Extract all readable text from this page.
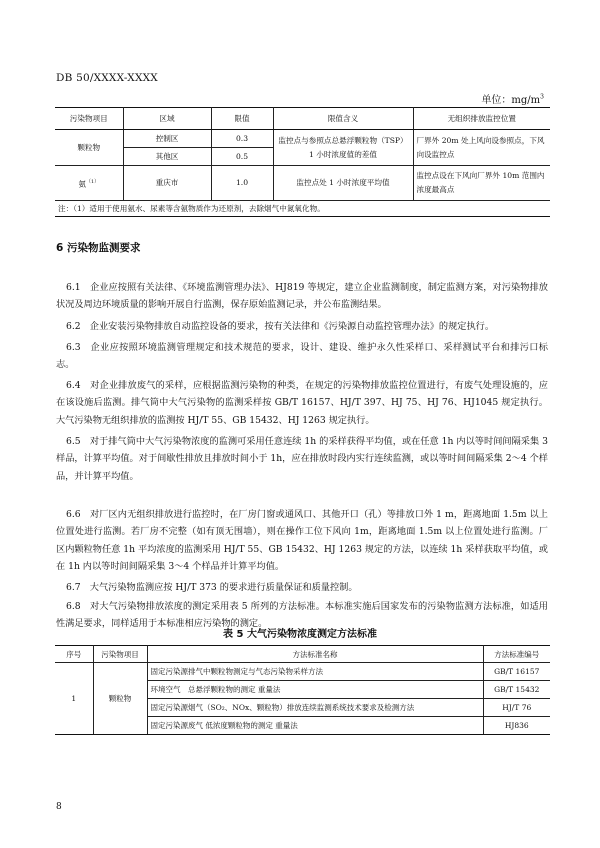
DB 50/XXXX-XXXX
单位：$mg/m^3$
污染物项目	区域	限值	限值含义	无组织排放监控位置
颗粒物	控制区	0.3	监控点与参照点总悬浮颗粒物（TSP）1 小时浓度值的差值	厂界外 20m 处上风向设参照点，下风向设监控点
	其他区	0.5		
氨$^{(1)}$	重庆市	1.0	监控点处 1 小时浓度平均值	监控点设在下风向厂界外 10m 范围内浓度最高点
注：（1）适用于使用氨水、尿素等含氨物质作为还原剂，去除烟气中氮氧化物。				
6 污染物监测要求

6.1　企业应按照有关法律、《环境监测管理办法》、HJ819 等规定，建立企业监测制度，制定监测方案，对污染物排放状况及周边环境质量的影响开展自行监测，保存原始监测记录，并公布监测结果。

6.2　企业安装污染物排放自动监控设备的要求，按有关法律和《污染源自动监控管理办法》的规定执行。

6.3　企业应按照环境监测管理规定和技术规范的要求，设计、建设、维护永久性采样口、采样测试平台和排污口标志。

6.4　对企业排放废气的采样，应根据监测污染物的种类，在规定的污染物排放监控位置进行，有废气处理设施的，应在该设施后监测。排气筒中大气污染物的监测采样按 GB/T 16157、HJ/T 397、HJ 75、HJ 76、HJ1045 规定执行。大气污染物无组织排放的监测按 HJ/T 55、GB 15432、HJ 1263 规定执行。

6.5　对于排气筒中大气污染物浓度的监测可采用任意连续 1h 的采样获得平均值，或在任意 1h 内以等时间间隔采集 3 样品，计算平均值。对于间歇性排放且排放时间小于 1h，应在排放时段内实行连续监测，或以等时间间隔采集 2～4 个样品，并计算平均值。

6.6　对厂区内无组织排放进行监控时，在厂房门窗或通风口、其他开口（孔）等排放口外 1 m，距离地面 1.5m 以上位置处进行监测。若厂房不完整（如有顶无围墙），则在操作工位下风向 1m，距离地面 1.5m 以上位置处进行监测。厂区内颗粒物任意 1h 平均浓度的监测采用 HJ/T 55、GB 15432、HJ 1263 规定的方法，以连续 1h 采样获取平均值，或在 1h 内以等时间间隔采集 3～4 个样品并计算平均值。

6.7　大气污染物监测应按 HJ/T 373 的要求进行质量保证和质量控制。

6.8　对大气污染物排放浓度的测定采用表 5 所列的方法标准。本标准实施后国家发布的污染物监测方法标准，如适用性满足要求，同样适用于本标准相应污染物的测定。

表 5 大气污染物浓度测定方法标准
序号	污染物项目	方法标准名称	方法标准编号
1	颗粒物	固定污染源排气中颗粒物测定与气态污染物采样方法	GB/T 16157
		环境空气　总悬浮颗粒物的测定 重量法	GB/T 15432
		固定污染源烟气（SO₂、NOx、颗粒物）排放连续监测系统技术要求及检测方法	HJ/T 76
		固定污染源废气 低浓度颗粒物的测定 重量法	HJ836
8
